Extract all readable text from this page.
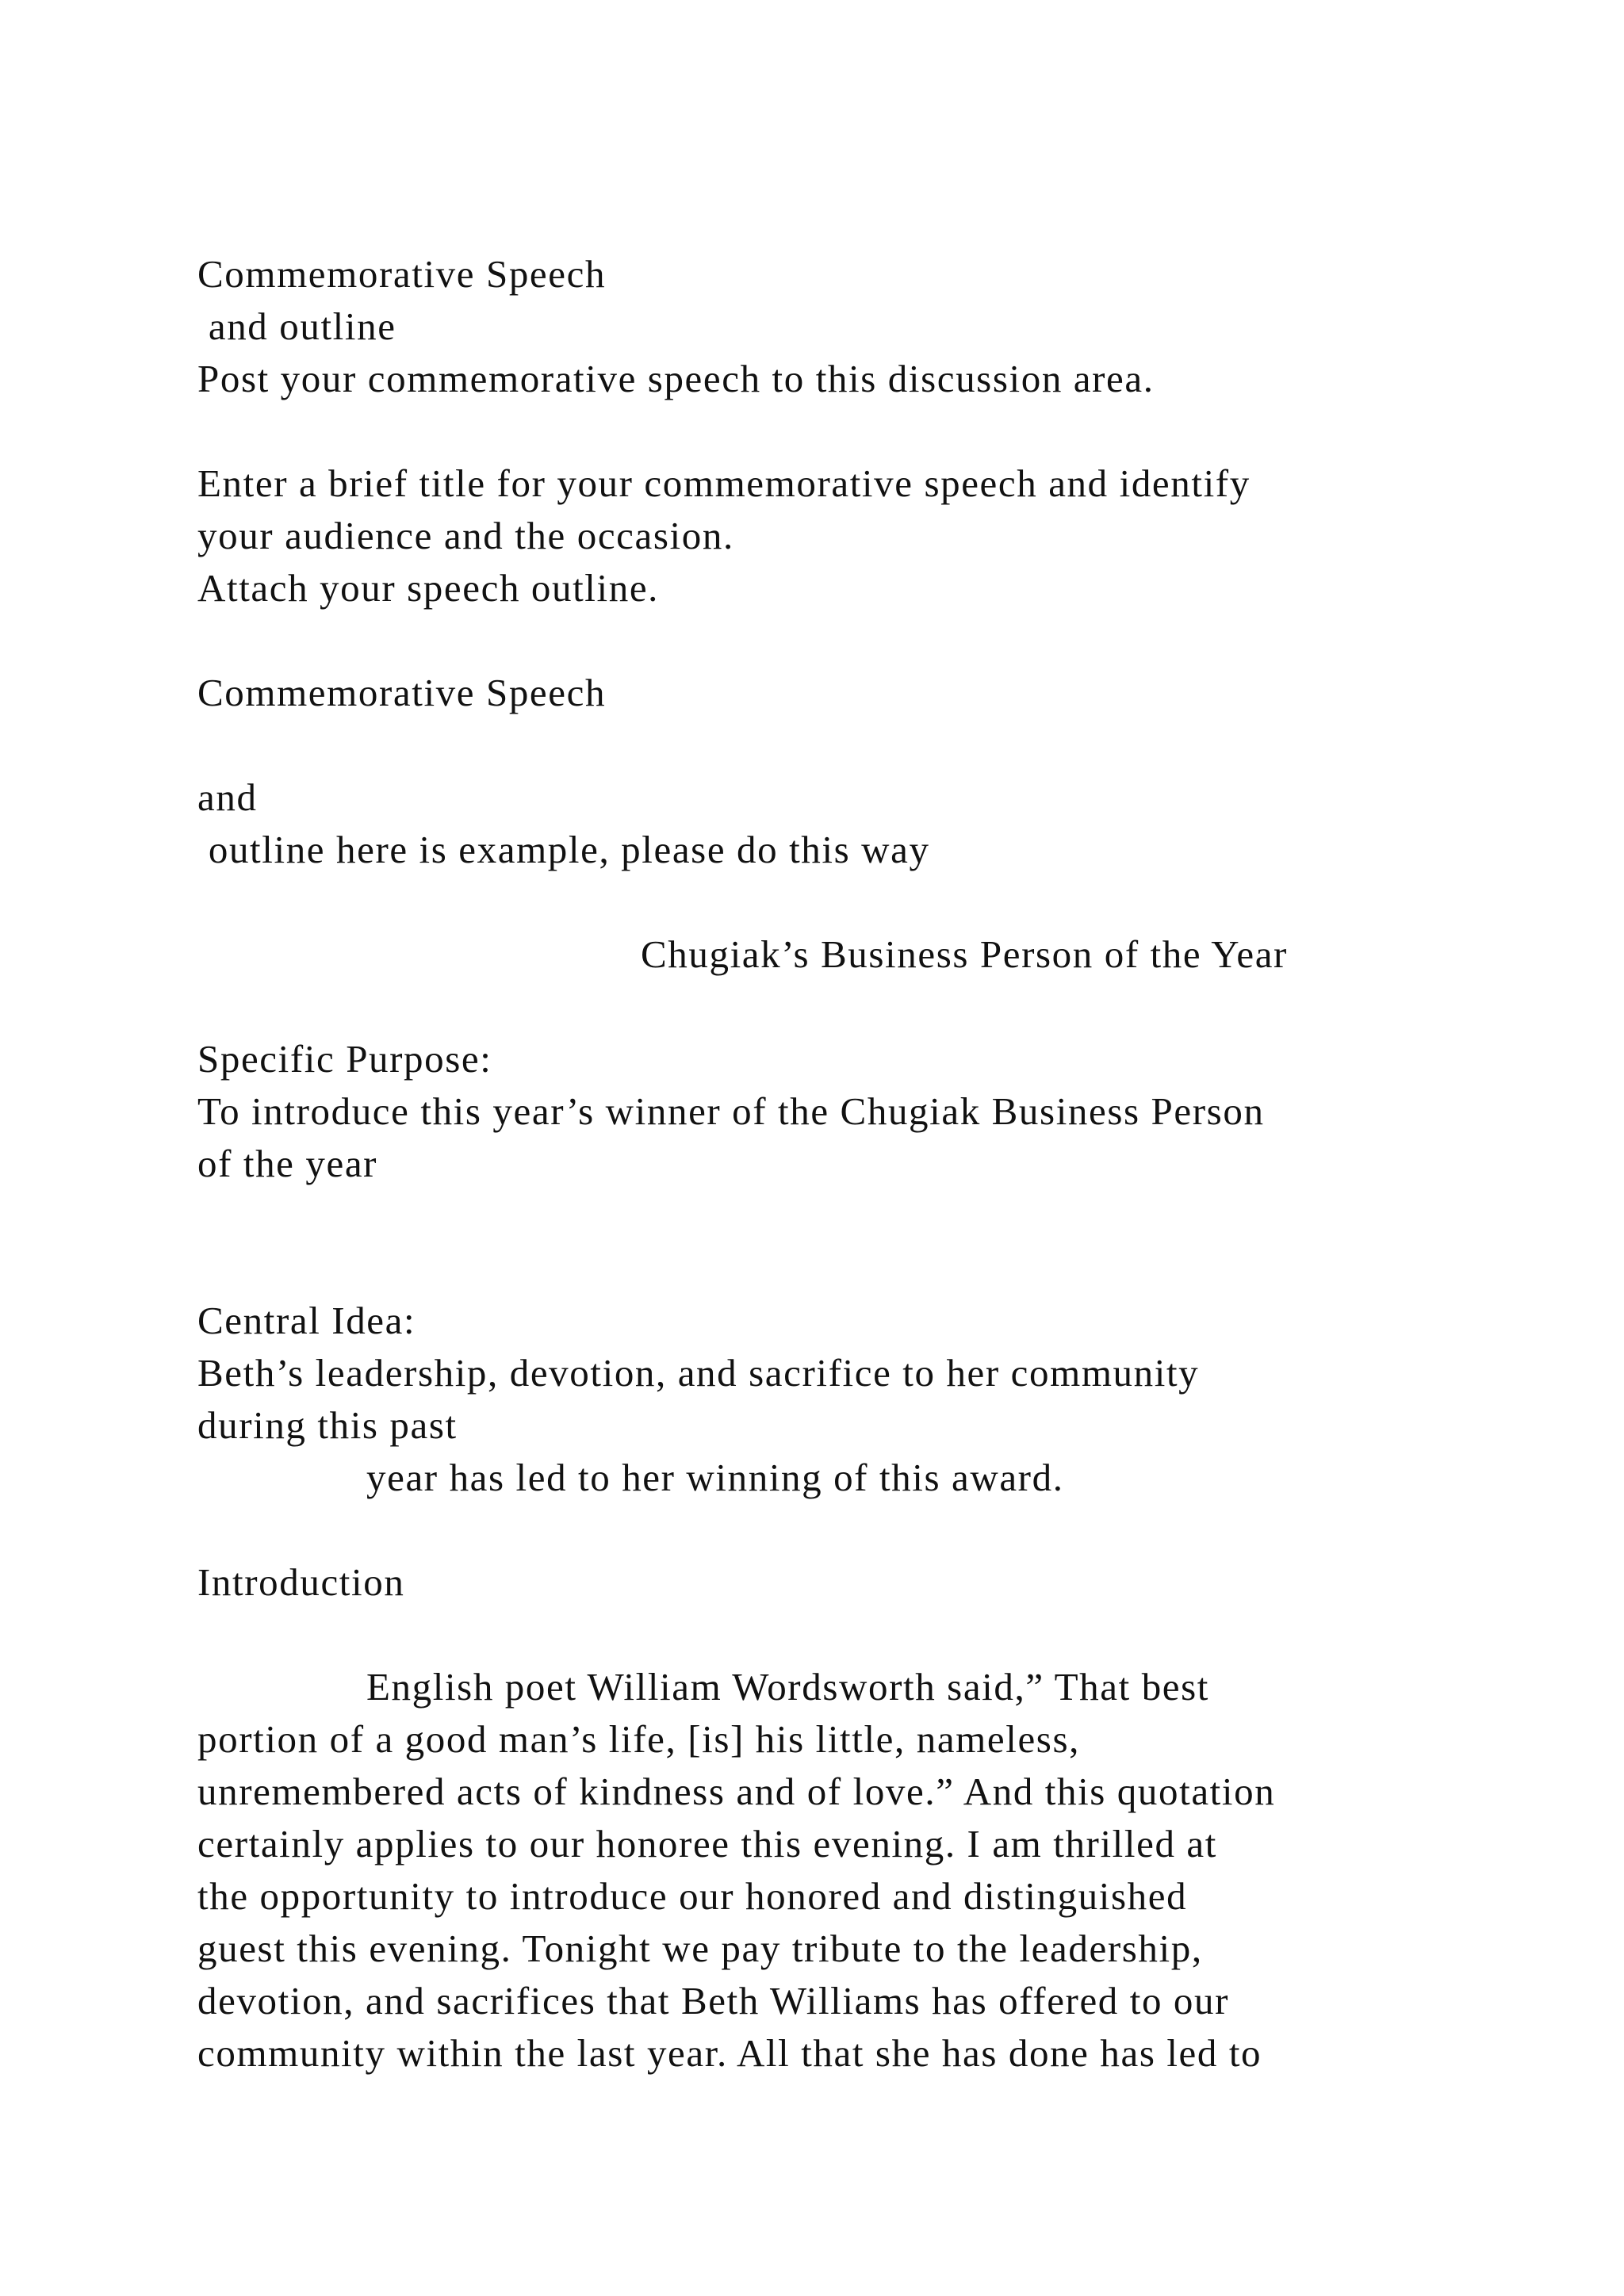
Commemorative Speech
and outline
Post your commemorative speech to this discussion area.
Enter a brief title for your commemorative speech and identify
your audience and the occasion.
Attach your speech outline.
Commemorative Speech
and
outline here is example, please do this way
Chugiak’s Business Person of the Year
Specific Purpose:
To introduce this year’s winner of the Chugiak Business Person
of the year
Central Idea:
Beth’s leadership, devotion, and sacrifice to her community
during this past
year has led to her winning of this award.
Introduction
English poet William Wordsworth said,” That best
portion of a good man’s life, [is] his little, nameless,
unremembered acts of kindness and of love.” And this quotation
certainly applies to our honoree this evening. I am thrilled at
the opportunity to introduce our honored and distinguished
guest this evening. Tonight we pay tribute to the leadership,
devotion, and sacrifices that Beth Williams has offered to our
community within the last year. All that she has done has led to
